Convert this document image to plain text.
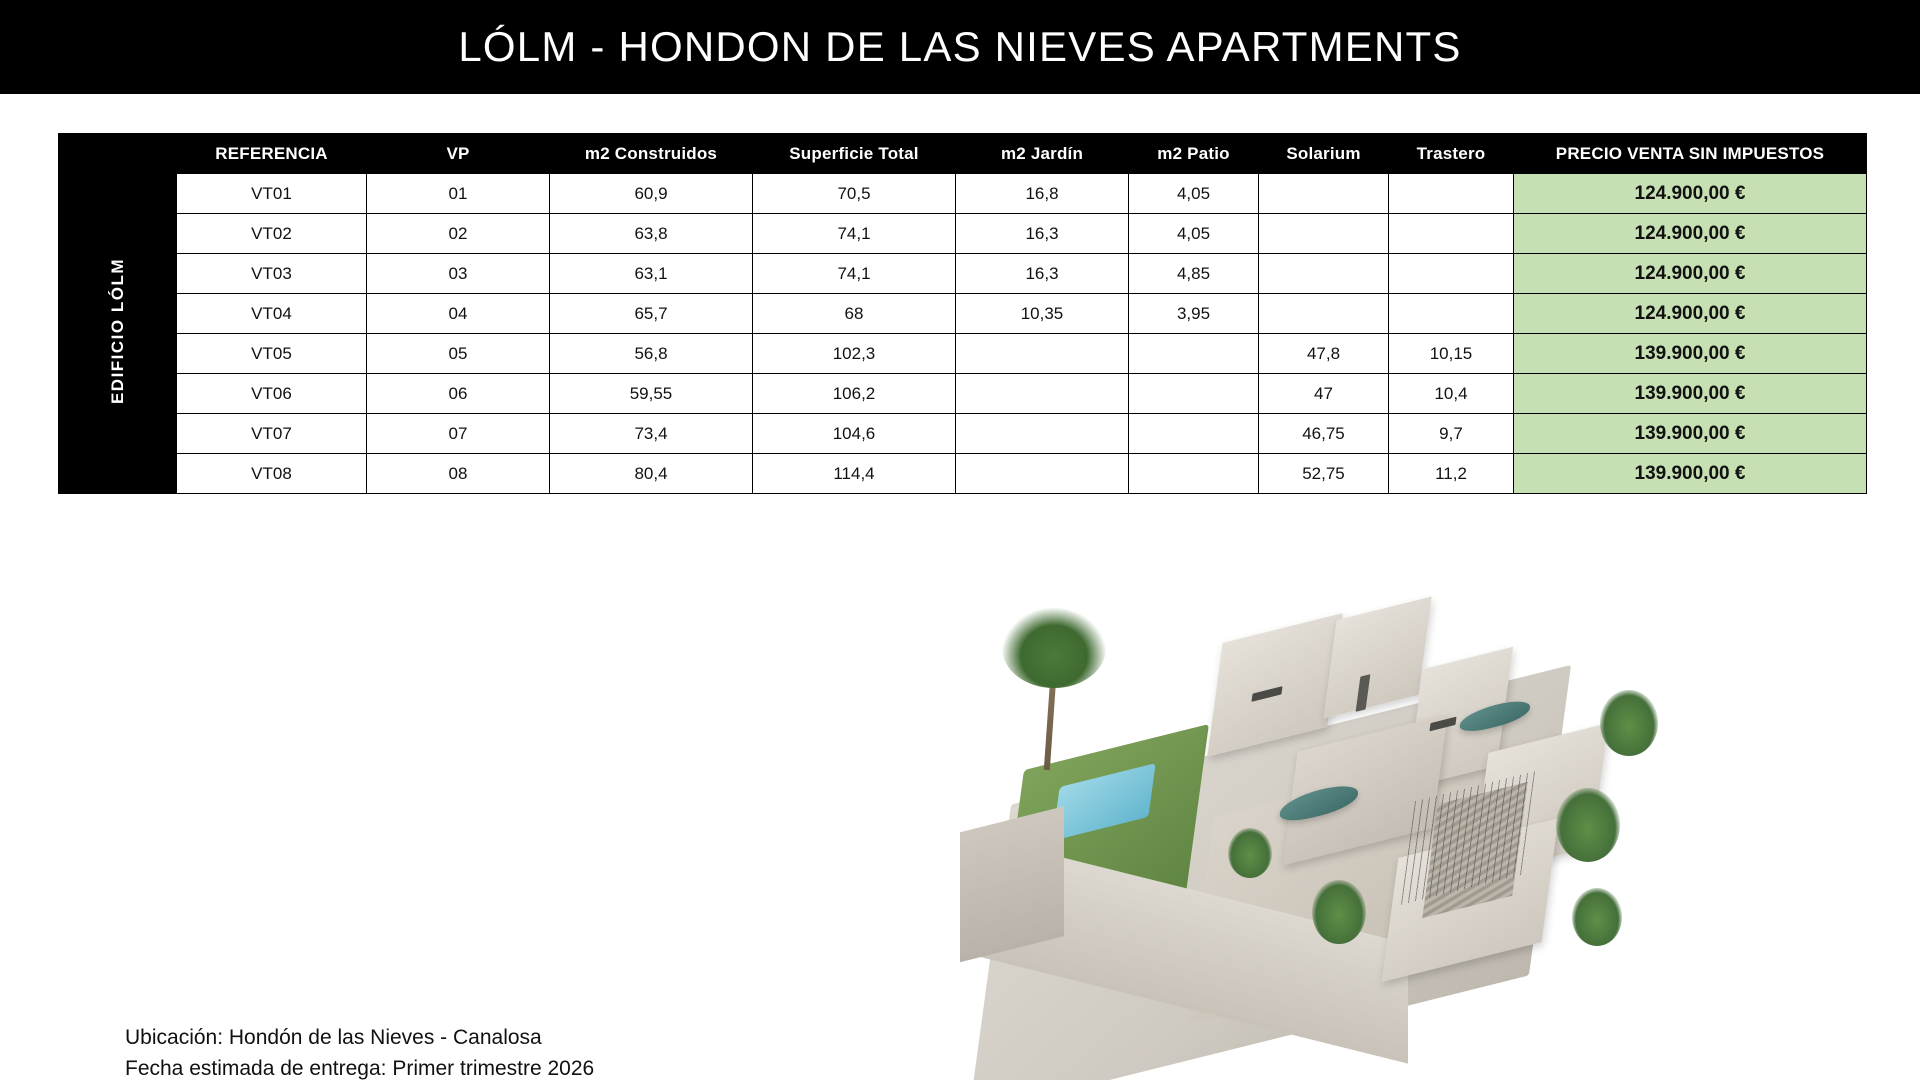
LÓLM - HONDON DE LAS NIEVES APARTMENTS
	REFERENCIA	VP	m2 Construidos	Superficie Total	m2 Jardín	m2 Patio	Solarium	Trastero	PRECIO VENTA SIN IMPUESTOS
EDIFICIO LÓLM	VT01	01	60,9	70,5	16,8	4,05			124.900,00 €
	VT02	02	63,8	74,1	16,3	4,05			124.900,00 €
	VT03	03	63,1	74,1	16,3	4,85			124.900,00 €
	VT04	04	65,7	68	10,35	3,95			124.900,00 €
	VT05	05	56,8	102,3			47,8	10,15	139.900,00 €
	VT06	06	59,55	106,2			47	10,4	139.900,00 €
	VT07	07	73,4	104,6			46,75	9,7	139.900,00 €
	VT08	08	80,4	114,4			52,75	11,2	139.900,00 €
Ubicación: Hondón de las Nieves - Canalosa
Fecha estimada de entrega: Primer trimestre 2026
